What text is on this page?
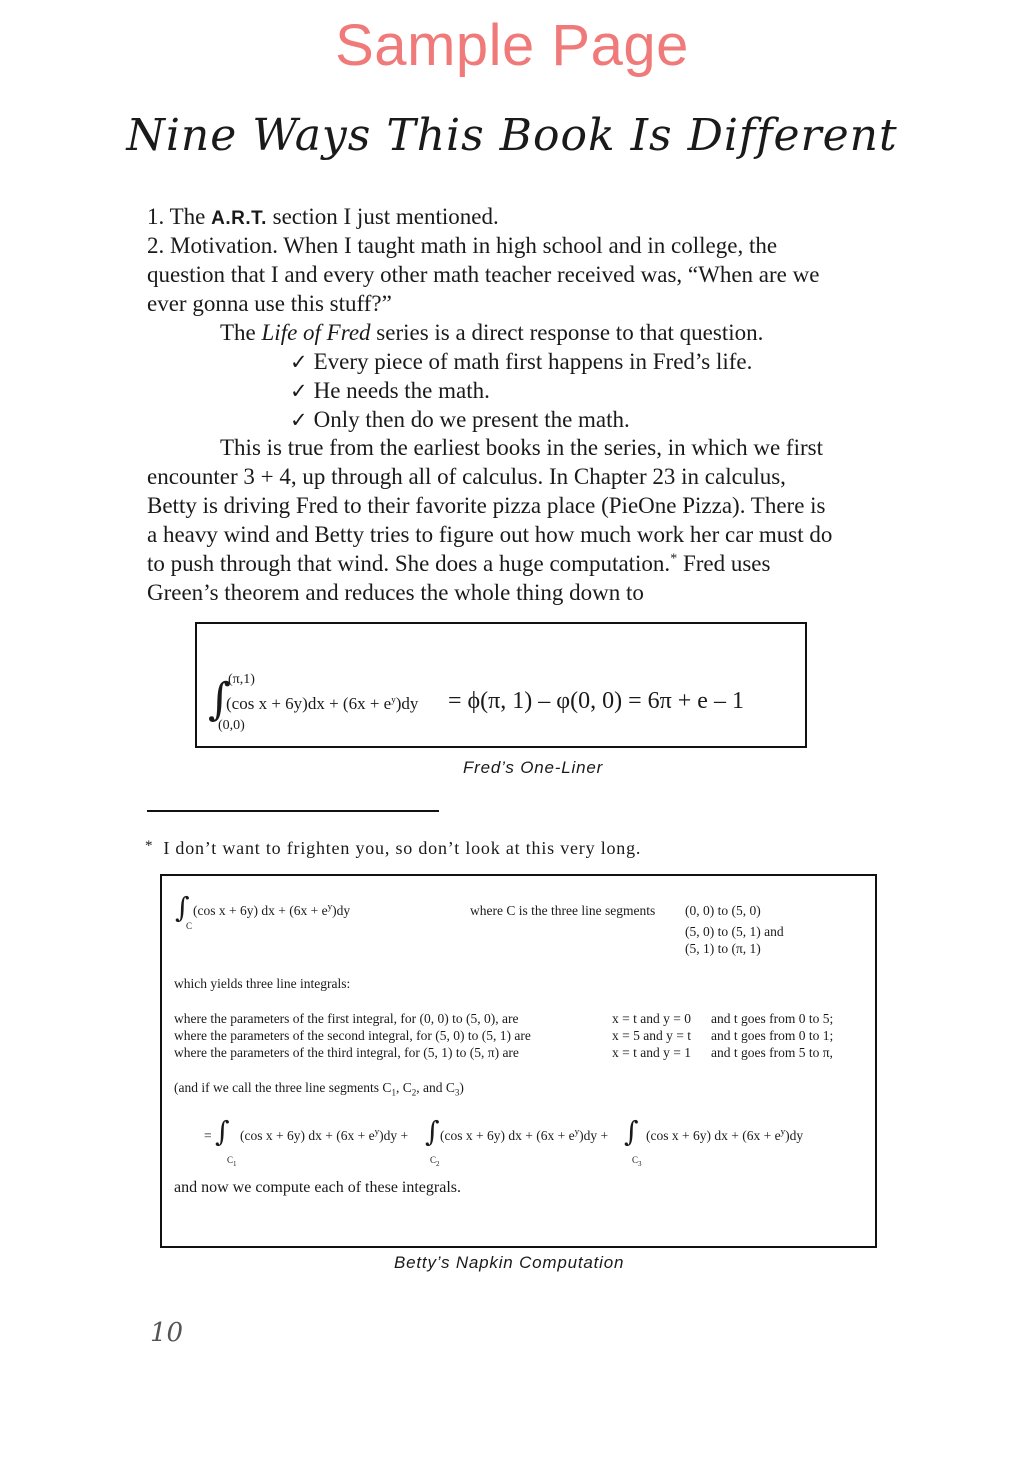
Sample Page
Nine Ways This Book Is Different
1. The A.R.T. section I just mentioned.
2. Motivation. When I taught math in high school and in college, the
question that I and every other math teacher received was, “When are we
ever gonna use this stuff?”
The Life of Fred series is a direct response to that question.
✓ Every piece of math first happens in Fred’s life.
✓ He needs the math.
✓ Only then do we present the math.
This is true from the earliest books in the series, in which we first
encounter 3 + 4, up through all of calculus. In Chapter 23 in calculus,
Betty is driving Fred to their favorite pizza place (PieOne Pizza). There is
a heavy wind and Betty tries to figure out how much work her car must do
to push through that wind. She does a huge computation.* Fred uses
Green’s theorem and reduces the whole thing down to
∫
(π,1)
(0,0)
(cos $x + 6y)dx + (6x + e^y)dy = \phi(\pi$, 1) – φ(0, 0) = 6π + e – 1
Fred’s One-Liner
* I don’t want to frighten you, so don’t look at this very long.
∫
C
(cos x + 6y) dx + $(6x + e^y)dy$	where C is the three line segments (0, 0) to (5, 0)
(5, 0) to (5, 1) and
(5, 1) to (π, 1)
which yields three line integrals:
where the parameters of the first integral, for (0, 0) to (5, 0), are	x = t and y = 0 and t goes from 0 to 5;
where the parameters of the second integral, for (5, 0) to (5, 1) are	x = 5 and y = t and t goes from 0 to 1;
where the parameters of the third integral, for (5, 1) to (5, π) are	x = t and y = 1 and t goes from 5 to π,
(and if we call the three line segments $C_1$, $C_2$, and $C_3$)
= ∫
$C_1$
(cos x + 6y) dx + $(6x + e^y)dy$ + ∫
$C_2$
(cos x + 6y) dx + $(6x + e^y)dy$ + ∫
$C_3$
(cos x + 6y) dx + $(6x + e^y)dy$
and now we compute each of these integrals.
Betty’s Napkin Computation
10
